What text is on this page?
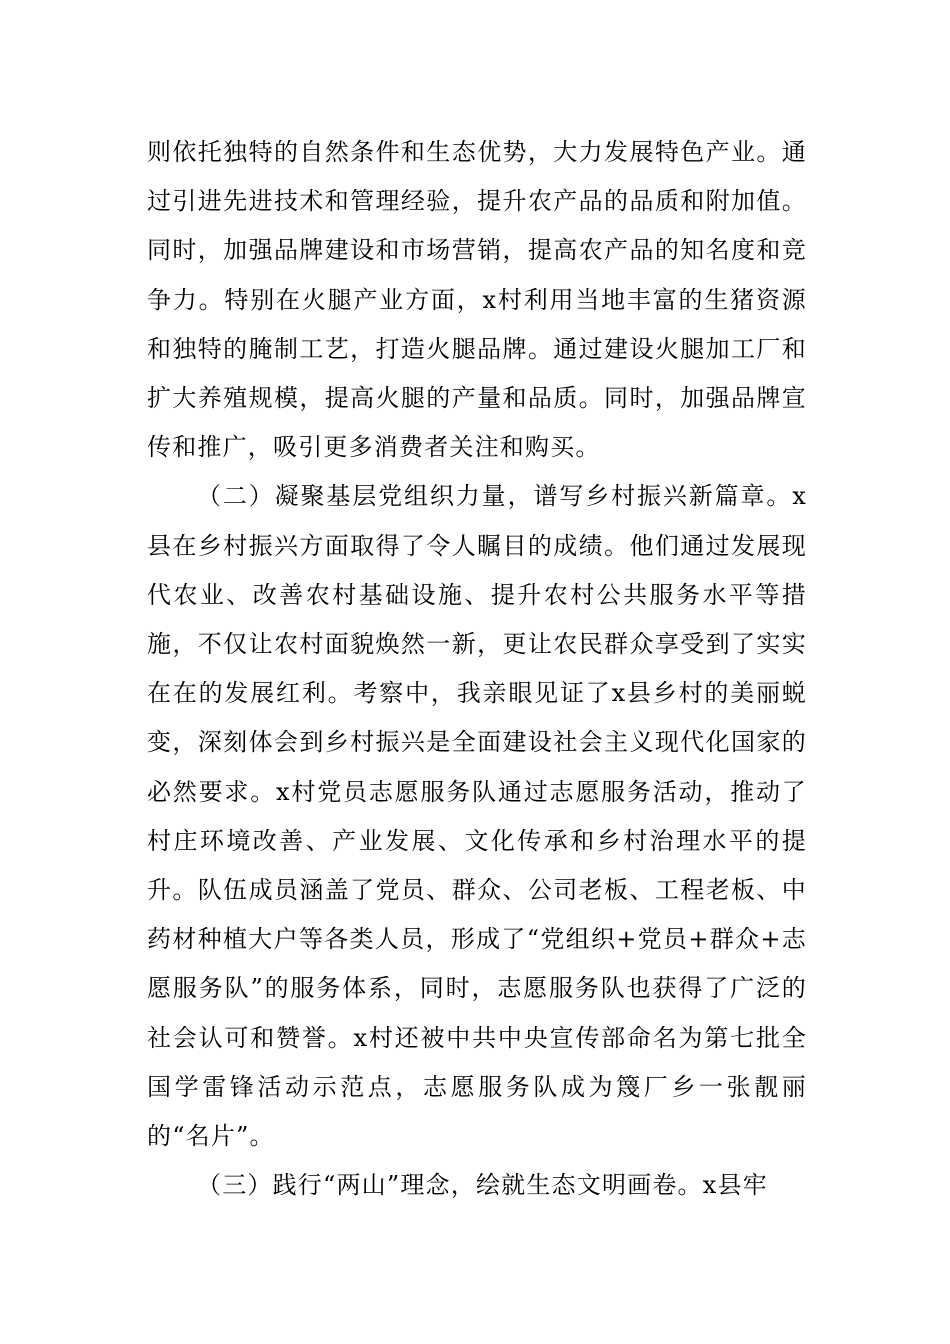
则依托独特的自然条件和生态优势，大力发展特色产业。通过引进先进技术和管理经验，提升农产品的品质和附加值。同时，加强品牌建设和市场营销，提高农产品的知名度和竞争力。特别在火腿产业方面，x村利用当地丰富的生猪资源和独特的腌制工艺，打造火腿品牌。通过建设火腿加工厂和扩大养殖规模，提高火腿的产量和品质。同时，加强品牌宣传和推广，吸引更多消费者关注和购买。

（二）凝聚基层党组织力量，谱写乡村振兴新篇章。x县在乡村振兴方面取得了令人瞩目的成绩。他们通过发展现代农业、改善农村基础设施、提升农村公共服务水平等措施，不仅让农村面貌焕然一新，更让农民群众享受到了实实在在的发展红利。考察中，我亲眼见证了x县乡村的美丽蜕变，深刻体会到乡村振兴是全面建设社会主义现代化国家的必然要求。x村党员志愿服务队通过志愿服务活动，推动了村庄环境改善、产业发展、文化传承和乡村治理水平的提升。队伍成员涵盖了党员、群众、公司老板、工程老板、中药材种植大户等各类人员，形成了“党组织+党员+群众+志愿服务队”的服务体系，同时，志愿服务队也获得了广泛的社会认可和赞誉。x村还被中共中央宣传部命名为第七批全国学雷锋活动示范点，志愿服务队成为篾厂乡一张靓丽的“名片”。

（三）践行“两山”理念，绘就生态文明画卷。x县牢
